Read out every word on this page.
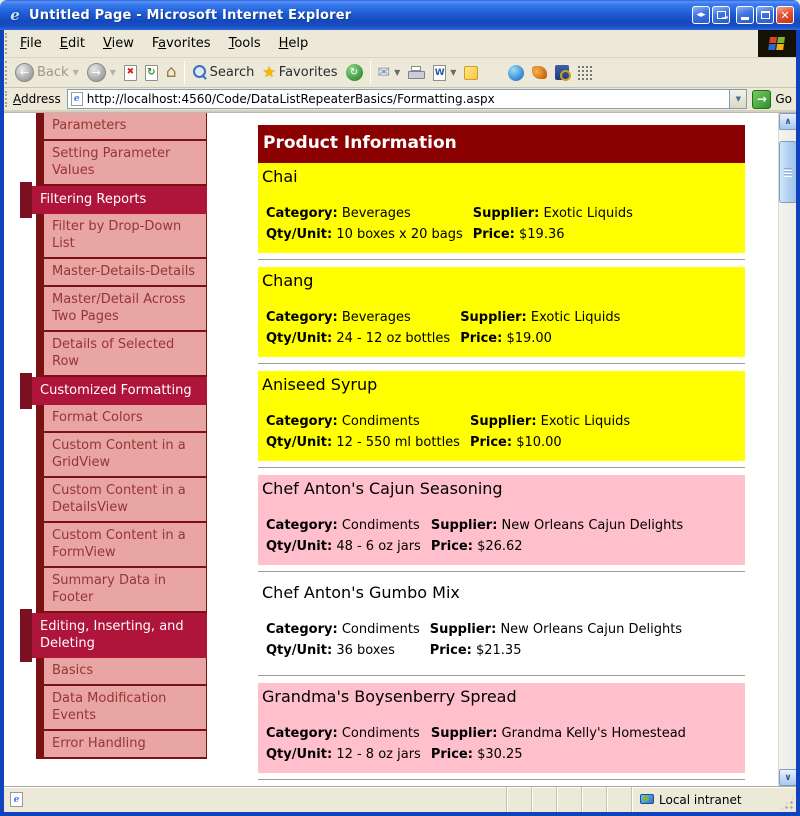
e Untitled Page - Microsoft Internet Explorer	◂▸ →	✕
File	Edit	View	Favorites	Tools	Help
← Back ▼	→	▼ ✖ ↻ ⌂	Search ★ Favorites	↻ ✉ ▼	W ▼
Address	e http://localhost:4560/Code/DataListRepeaterBasics/Formatting.aspx	▼	→ Go
Parameters
Setting Parameter Values
Filtering Reports
Filter by Drop-Down List
Master-Details-Details
Master/Detail Across Two Pages
Details of Selected Row
Customized Formatting
Format Colors
Custom Content in a GridView
Custom Content in a DetailsView
Custom Content in a FormView
Summary Data in Footer
Editing, Inserting, and Deleting
Basics
Data Modification Events
Error Handling
Product Information
Chai
Category: Beverages	Supplier: Exotic Liquids
Qty/Unit: 10 boxes x 20 bags	Price: $19.36
Chang
Category: Beverages	Supplier: Exotic Liquids
Qty/Unit: 24 - 12 oz bottles	Price: $19.00
Aniseed Syrup
Category: Condiments	Supplier: Exotic Liquids
Qty/Unit: 12 - 550 ml bottles	Price: $10.00
Chef Anton's Cajun Seasoning
Category: Condiments	Supplier: New Orleans Cajun Delights
Qty/Unit: 48 - 6 oz jars	Price: $26.62
Chef Anton's Gumbo Mix
Category: Condiments	Supplier: New Orleans Cajun Delights
Qty/Unit: 36 boxes	Price: $21.35
Grandma's Boysenberry Spread
Category: Condiments	Supplier: Grandma Kelly's Homestead
Qty/Unit: 12 - 8 oz jars	Price: $30.25
∧
∨
e	Local intranet
